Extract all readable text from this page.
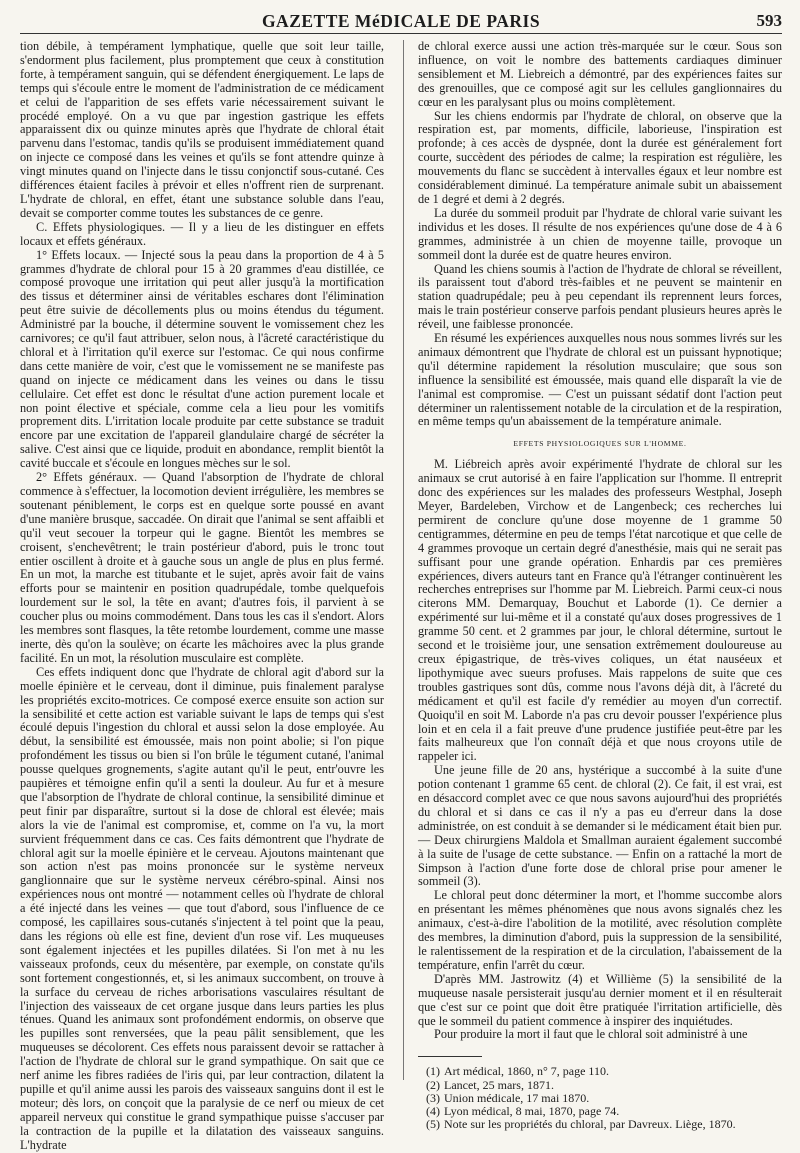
GAZETTE MéDICALE DE PARIS	593

tion débile, à tempérament lymphatique, quelle que soit leur taille, s'endorment plus facilement, plus promptement que ceux à constitution forte, à tempérament sanguin, qui se défendent énergiquement. Le laps de temps qui s'écoule entre le moment de l'administration de ce médicament et celui de l'apparition de ses effets varie nécessairement suivant le procédé employé. On a vu que par ingestion gastrique les effets apparaissent dix ou quinze minutes après que l'hydrate de chloral était parvenu dans l'estomac, tandis qu'ils se produisent immédiatement quand on injecte ce composé dans les veines et qu'ils se font attendre quinze à vingt minutes quand on l'injecte dans le tissu conjonctif sous-cutané. Ces différences étaient faciles à prévoir et elles n'offrent rien de surprenant. L'hydrate de chloral, en effet, étant une substance soluble dans l'eau, devait se comporter comme toutes les substances de ce genre.

C. Effets physiologiques. — Il y a lieu de les distinguer en effets locaux et effets généraux.

1° Effets locaux. — Injecté sous la peau dans la proportion de 4 à 5 grammes d'hydrate de chloral pour 15 à 20 grammes d'eau distillée, ce composé provoque une irritation qui peut aller jusqu'à la mortification des tissus et déterminer ainsi de véritables eschares dont l'élimination peut être suivie de décollements plus ou moins étendus du tégument. Administré par la bouche, il détermine souvent le vomissement chez les carnivores; ce qu'il faut attribuer, selon nous, à l'âcreté caractéristique du chloral et à l'irritation qu'il exerce sur l'estomac. Ce qui nous confirme dans cette manière de voir, c'est que le vomissement ne se manifeste pas quand on injecte ce médicament dans les veines ou dans le tissu cellulaire. Cet effet est donc le résultat d'une action purement locale et non point élective et spéciale, comme cela a lieu pour les vomitifs proprement dits. L'irritation locale produite par cette substance se traduit encore par une excitation de l'appareil glandulaire chargé de sécréter la salive. C'est ainsi que ce liquide, produit en abondance, remplit bientôt la cavité buccale et s'écoule en longues mèches sur le sol.

2° Effets généraux. — Quand l'absorption de l'hydrate de chloral commence à s'effectuer, la locomotion devient irrégulière, les membres se soutenant péniblement, le corps est en quelque sorte poussé en avant d'une manière brusque, saccadée. On dirait que l'animal se sent affaibli et qu'il veut secouer la torpeur qui le gagne. Bientôt les membres se croisent, s'enchevêtrent; le train postérieur d'abord, puis le tronc tout entier oscillent à droite et à gauche sous un angle de plus en plus fermé. En un mot, la marche est titubante et le sujet, après avoir fait de vains efforts pour se maintenir en position quadrupédale, tombe quelquefois lourdement sur le sol, la tête en avant; d'autres fois, il parvient à se coucher plus ou moins commodément. Dans tous les cas il s'endort. Alors les membres sont flasques, la tête retombe lourdement, comme une masse inerte, dès qu'on la soulève; on écarte les mâchoires avec la plus grande facilité. En un mot, la résolution musculaire est complète.

Ces effets indiquent donc que l'hydrate de chloral agit d'abord sur la moelle épinière et le cerveau, dont il diminue, puis finalement paralyse les propriétés excito-motrices. Ce composé exerce ensuite son action sur la sensibilité et cette action est variable suivant le laps de temps qui s'est écoulé depuis l'ingestion du chloral et aussi selon la dose employée. Au début, la sensibilité est émoussée, mais non point abolie; si l'on pique profondément les tissus ou bien si l'on brûle le tégument cutané, l'animal pousse quelques grognements, s'agite autant qu'il le peut, entr'ouvre les paupières et témoigne enfin qu'il a senti la douleur. Au fur et à mesure que l'absorption de l'hydrate de chloral continue, la sensibilité diminue et peut finir par disparaître, surtout si la dose de chloral est élevée; mais alors la vie de l'animal est compromise, et, comme on l'a vu, la mort survient fréquemment dans ce cas. Ces faits démontrent que l'hydrate de chloral agit sur la moelle épinière et le cerveau. Ajoutons maintenant que son action n'est pas moins prononcée sur le système nerveux ganglionnaire que sur le système nerveux cérébro-spinal. Ainsi nos expériences nous ont montré — notamment celles où l'hydrate de chloral a été injecté dans les veines — que tout d'abord, sous l'influence de ce composé, les capillaires sous-cutanés s'injectent à tel point que la peau, dans les régions où elle est fine, devient d'un rose vif. Les muqueuses sont également injectées et les pupilles dilatées. Si l'on met à nu les vaisseaux profonds, ceux du mésentère, par exemple, on constate qu'ils sont fortement congestionnés, et, si les animaux succombent, on trouve à la surface du cerveau de riches arborisations vasculaires résultant de l'injection des vaisseaux de cet organe jusque dans leurs parties les plus ténues. Quand les animaux sont profondément endormis, on observe que les pupilles sont renversées, que la peau pâlit sensiblement, que les muqueuses se décolorent. Ces effets nous paraissent devoir se rattacher à l'action de l'hydrate de chloral sur le grand sympathique. On sait que ce nerf anime les fibres radiées de l'iris qui, par leur contraction, dilatent la pupille et qu'il anime aussi les parois des vaisseaux sanguins dont il est le moteur; dès lors, on conçoit que la paralysie de ce nerf ou mieux de cet appareil nerveux qui constitue le grand sympathique puisse s'accuser par la contraction de la pupille et la dilatation des vaisseaux sanguins. L'hydrate

de chloral exerce aussi une action très-marquée sur le cœur. Sous son influence, on voit le nombre des battements cardiaques diminuer sensiblement et M. Liebreich a démontré, par des expériences faites sur des grenouilles, que ce composé agit sur les cellules ganglionnaires du cœur en les paralysant plus ou moins complètement.

Sur les chiens endormis par l'hydrate de chloral, on observe que la respiration est, par moments, difficile, laborieuse, l'inspiration est profonde; à ces accès de dyspnée, dont la durée est généralement fort courte, succèdent des périodes de calme; la respiration est régulière, les mouvements du flanc se succèdent à intervalles égaux et leur nombre est considérablement diminué. La température animale subit un abaissement de 1 degré et demi à 2 degrés.

La durée du sommeil produit par l'hydrate de chloral varie suivant les individus et les doses. Il résulte de nos expériences qu'une dose de 4 à 6 grammes, administrée à un chien de moyenne taille, provoque un sommeil dont la durée est de quatre heures environ.

Quand les chiens soumis à l'action de l'hydrate de chloral se réveillent, ils paraissent tout d'abord très-faibles et ne peuvent se maintenir en station quadrupédale; peu à peu cependant ils reprennent leurs forces, mais le train postérieur conserve parfois pendant plusieurs heures après le réveil, une faiblesse prononcée.

En résumé les expériences auxquelles nous nous sommes livrés sur les animaux démontrent que l'hydrate de chloral est un puissant hypnotique; qu'il détermine rapidement la résolution musculaire; que sous son influence la sensibilité est émoussée, mais quand elle disparaît la vie de l'animal est compromise. — C'est un puissant sédatif dont l'action peut déterminer un ralentissement notable de la circulation et de la respiration, en même temps qu'un abaissement de la température animale.

EFFETS PHYSIOLOGIQUES SUR L'HOMME.

M. Liébreich après avoir expérimenté l'hydrate de chloral sur les animaux se crut autorisé à en faire l'application sur l'homme. Il entreprit donc des expériences sur les malades des professeurs Westphal, Joseph Meyer, Bardeleben, Virchow et de Langenbeck; ces recherches lui permirent de conclure qu'une dose moyenne de 1 gramme 50 centigrammes, détermine en peu de temps l'état narcotique et que celle de 4 grammes provoque un certain degré d'anesthésie, mais qui ne serait pas suffisant pour une grande opération. Enhardis par ces premières expériences, divers auteurs tant en France qu'à l'étranger continuèrent les recherches entreprises sur l'homme par M. Liebreich. Parmi ceux-ci nous citerons MM. Demarquay, Bouchut et Laborde (1). Ce dernier a expérimenté sur lui-même et il a constaté qu'aux doses progressives de 1 gramme 50 cent. et 2 grammes par jour, le chloral détermine, surtout le second et le troisième jour, une sensation extrêmement douloureuse au creux épigastrique, de très-vives coliques, un état nauséeux et lipothymique avec sueurs profuses. Mais rappelons de suite que ces troubles gastriques sont dûs, comme nous l'avons déjà dit, à l'âcreté du médicament et qu'il est facile d'y remédier au moyen d'un correctif. Quoiqu'il en soit M. Laborde n'a pas cru devoir pousser l'expérience plus loin et en cela il a fait preuve d'une prudence justifiée peut-être par les faits malheureux que l'on connaît déjà et que nous croyons utile de rappeler ici.

Une jeune fille de 20 ans, hystérique a succombé à la suite d'une potion contenant 1 gramme 65 cent. de chloral (2). Ce fait, il est vrai, est en désaccord complet avec ce que nous savons aujourd'hui des propriétés du chloral et si dans ce cas il n'y a pas eu d'erreur dans la dose administrée, on est conduit à se demander si le médicament était bien pur. — Deux chirurgiens Maldola et Smallman auraient également succombé à la suite de l'usage de cette substance. — Enfin on a rattaché la mort de Simpson à l'action d'une forte dose de chloral prise pour amener le sommeil (3).

Le chloral peut donc déterminer la mort, et l'homme succombe alors en présentant les mêmes phénomènes que nous avons signalés chez les animaux, c'est-à-dire l'abolition de la motilité, avec résolution complète des membres, la diminution d'abord, puis la suppression de la sensibilité, le ralentissement de la respiration et de la circulation, l'abaissement de la température, enfin l'arrêt du cœur.

D'après MM. Jastrowitz (4) et Willième (5) la sensibilité de la muqueuse nasale persisterait jusqu'au dernier moment et il en résulterait que c'est sur ce point que doit être pratiquée l'irritation artificielle, dès que le sommeil du patient commence à inspirer des inquiétudes.

Pour produire la mort il faut que le chloral soit administré à une

(1) Art médical, 1860, n° 7, page 110.

(2) Lancet, 25 mars, 1871.

(3) Union médicale, 17 mai 1870.

(4) Lyon médical, 8 mai, 1870, page 74.

(5) Note sur les propriétés du chloral, par Davreux. Liège, 1870.
